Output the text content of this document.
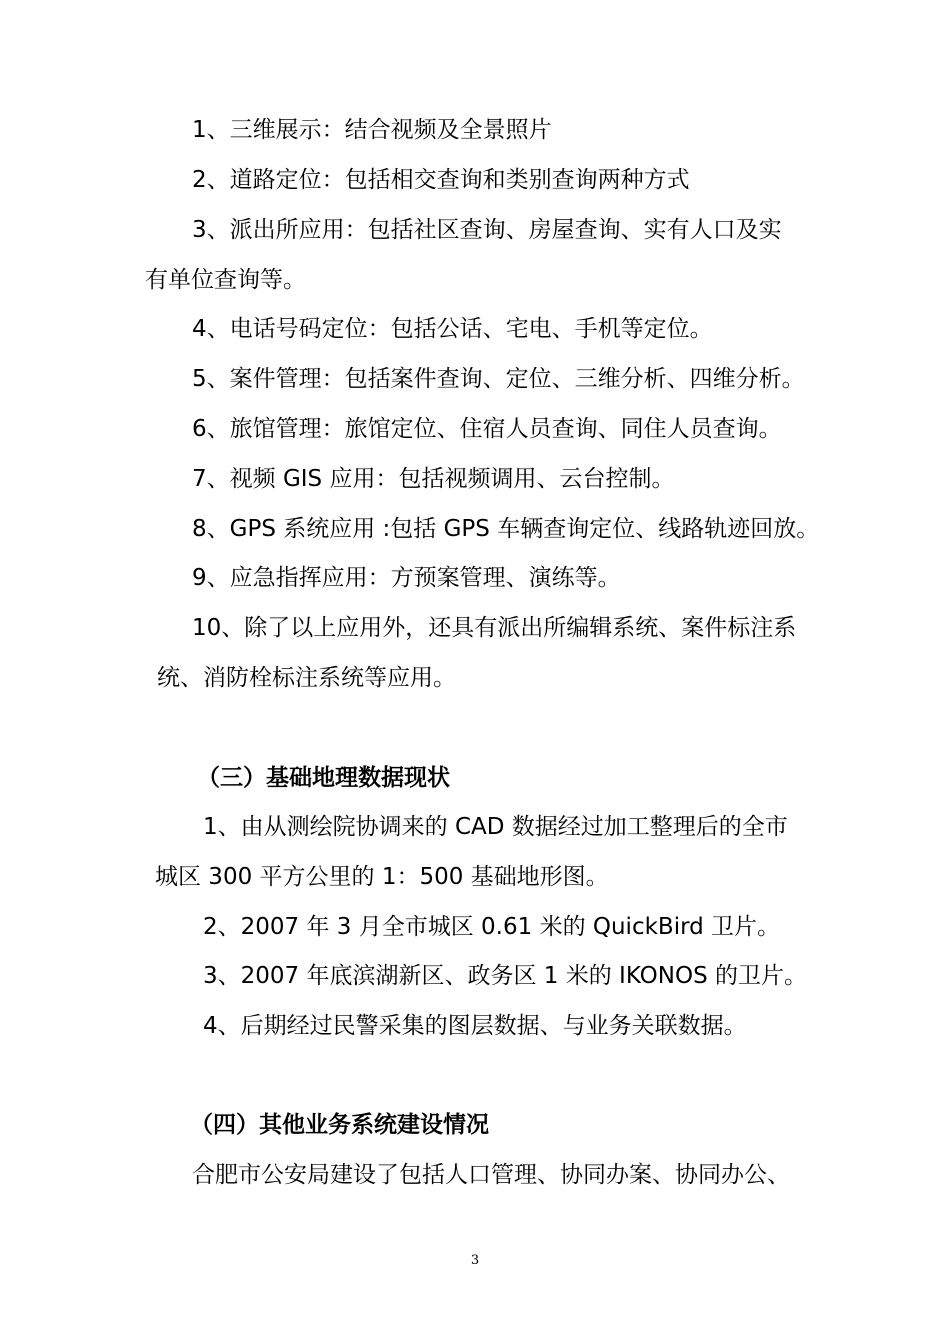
1、三维展示：结合视频及全景照片
2、道路定位：包括相交查询和类别查询两种方式
3、派出所应用：包括社区查询、房屋查询、实有人口及实
有单位查询等。
4、电话号码定位：包括公话、宅电、手机等定位。
5、案件管理：包括案件查询、定位、三维分析、四维分析。
6、旅馆管理：旅馆定位、住宿人员查询、同住人员查询。
7、视频 GIS 应用：包括视频调用、云台控制。
8、GPS 系统应用 :包括 GPS 车辆查询定位、线路轨迹回放。
9、应急指挥应用：方预案管理、演练等。
10、除了以上应用外，还具有派出所编辑系统、案件标注系
统、消防栓标注系统等应用。
（三）基础地理数据现状
1、由从测绘院协调来的 CAD 数据经过加工整理后的全市
城区 300 平方公里的 1：500 基础地形图。
2、2007 年 3 月全市城区 0.61 米的 QuickBird 卫片。
3、2007 年底滨湖新区、政务区 1 米的 IKONOS 的卫片。
4、后期经过民警采集的图层数据、与业务关联数据。
（四）其他业务系统建设情况
合肥市公安局建设了包括人口管理、协同办案、协同办公、
3
